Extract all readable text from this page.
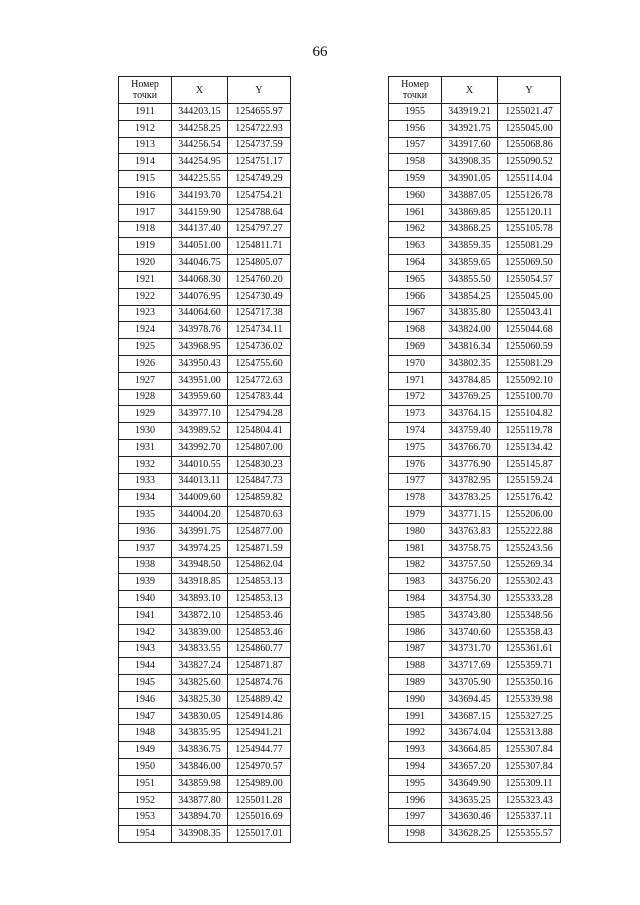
66
Номер
точки	X	Y
1911	344203.15	1254655.97
1912	344258.25	1254722.93
1913	344256.54	1254737.59
1914	344254.95	1254751.17
1915	344225.55	1254749.29
1916	344193.70	1254754.21
1917	344159.90	1254788.64
1918	344137.40	1254797.27
1919	344051.00	1254811.71
1920	344046.75	1254805.07
1921	344068.30	1254760.20
1922	344076.95	1254730.49
1923	344064.60	1254717.38
1924	343978.76	1254734.11
1925	343968.95	1254736.02
1926	343950.43	1254755.60
1927	343951.00	1254772.63
1928	343959.60	1254783.44
1929	343977.10	1254794.28
1930	343989.52	1254804.41
1931	343992.70	1254807.00
1932	344010.55	1254830.23
1933	344013.11	1254847.73
1934	344009.60	1254859.82
1935	344004.20	1254870.63
1936	343991.75	1254877.00
1937	343974.25	1254871.59
1938	343948.50	1254862.04
1939	343918.85	1254853.13
1940	343893.10	1254853.13
1941	343872.10	1254853.46
1942	343839.00	1254853.46
1943	343833.55	1254860.77
1944	343827.24	1254871.87
1945	343825.60	1254874.76
1946	343825.30	1254889.42
1947	343830.05	1254914.86
1948	343835.95	1254941.21
1949	343836.75	1254944.77
1950	343846.00	1254970.57
1951	343859.98	1254989.00
1952	343877.80	1255011.28
1953	343894.70	1255016.69
1954	343908.35	1255017.01
Номер
точки	X	Y
1955	343919.21	1255021.47
1956	343921.75	1255045.00
1957	343917.60	1255068.86
1958	343908.35	1255090.52
1959	343901.05	1255114.04
1960	343887.05	1255126.78
1961	343869.85	1255120.11
1962	343868.25	1255105.78
1963	343859.35	1255081.29
1964	343859.65	1255069.50
1965	343855.50	1255054.57
1966	343854.25	1255045.00
1967	343835.80	1255043.41
1968	343824.00	1255044.68
1969	343816.34	1255060.59
1970	343802.35	1255081.29
1971	343784.85	1255092.10
1972	343769.25	1255100.70
1973	343764.15	1255104.82
1974	343759.40	1255119.78
1975	343766.70	1255134.42
1976	343776.90	1255145.87
1977	343782.95	1255159.24
1978	343783.25	1255176.42
1979	343771.15	1255206.00
1980	343763.83	1255222.88
1981	343758.75	1255243.56
1982	343757.50	1255269.34
1983	343756.20	1255302.43
1984	343754.30	1255333.28
1985	343743.80	1255348.56
1986	343740.60	1255358.43
1987	343731.70	1255361.61
1988	343717.69	1255359.71
1989	343705.90	1255350.16
1990	343694.45	1255339.98
1991	343687.15	1255327.25
1992	343674.04	1255313.88
1993	343664.85	1255307.84
1994	343657.20	1255307.84
1995	343649.90	1255309.11
1996	343635.25	1255323.43
1997	343630.46	1255337.11
1998	343628.25	1255355.57
